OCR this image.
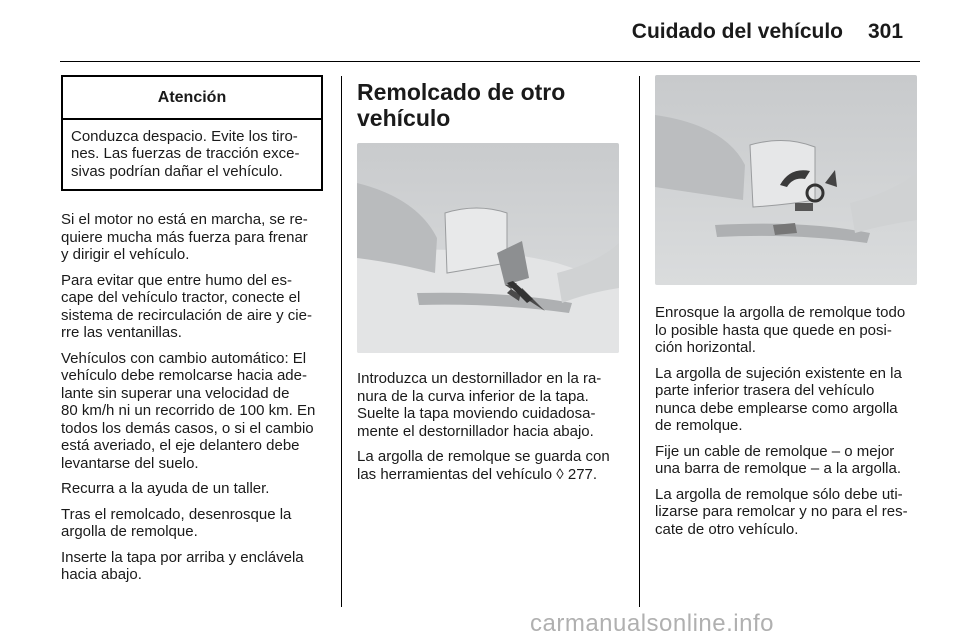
Cuidado del vehículo 301
Atención
Conduzca despacio. Evite los tiro-
nes. Las fuerzas de tracción exce-
sivas podrían dañar el vehículo.

Si el motor no está en marcha, se re-
quiere mucha más fuerza para frenar
y dirigir el vehículo.

Para evitar que entre humo del es-
cape del vehículo tractor, conecte el
sistema de recirculación de aire y cie-
rre las ventanillas.

Vehículos con cambio automático: El
vehículo debe remolcarse hacia ade-
lante sin superar una velocidad de
80 km/h ni un recorrido de 100 km. En
todos los demás casos, o si el cambio
está averiado, el eje delantero debe
levantarse del suelo.

Recurra a la ayuda de un taller.

Tras el remolcado, desenrosque la
argolla de remolque.

Inserte la tapa por arriba y enclávela
hacia abajo.

Remolcado de otro
vehículo

Introduzca un destornillador en la ra-
nura de la curva inferior de la tapa.
Suelte la tapa moviendo cuidadosa-
mente el destornillador hacia abajo.

La argolla de remolque se guarda con
las herramientas del vehículo ◊ 277.

Enrosque la argolla de remolque todo
lo posible hasta que quede en posi-
ción horizontal.

La argolla de sujeción existente en la
parte inferior trasera del vehículo
nunca debe emplearse como argolla
de remolque.

Fije un cable de remolque – o mejor
una barra de remolque – a la argolla.

La argolla de remolque sólo debe uti-
lizarse para remolcar y no para el res-
cate de otro vehículo.

carmanualsonline.info
